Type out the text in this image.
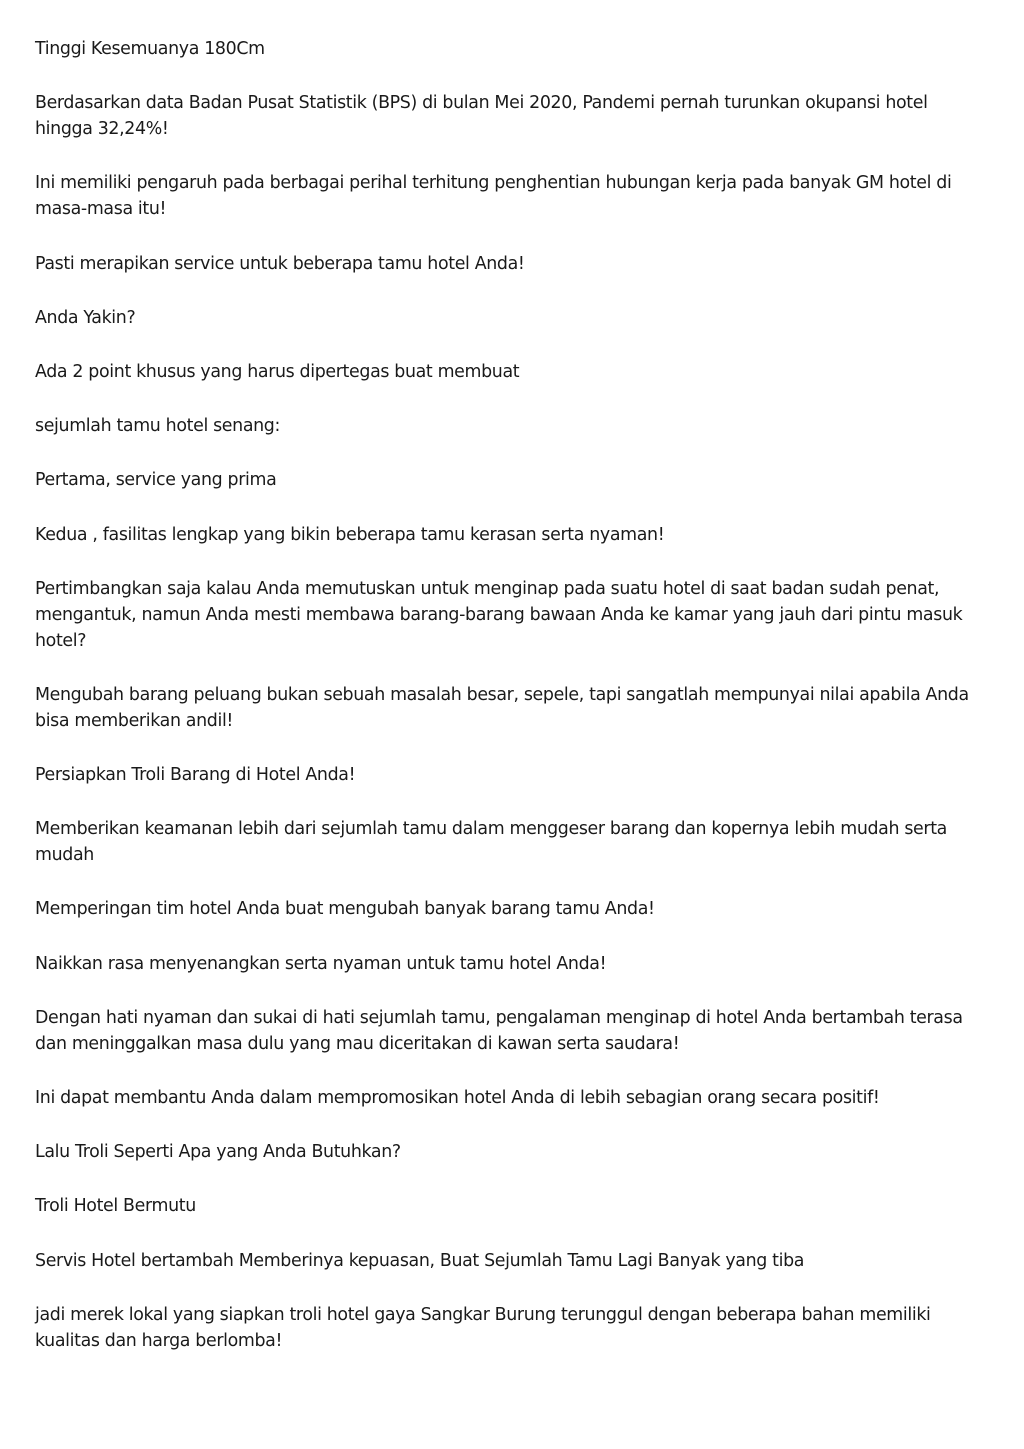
Tinggi Kesemuanya 180Cm

Berdasarkan data Badan Pusat Statistik (BPS) di bulan Mei 2020, Pandemi pernah turunkan okupansi hotel hingga 32,24%!

Ini memiliki pengaruh pada berbagai perihal terhitung penghentian hubungan kerja pada banyak GM hotel di masa-masa itu!

Pasti merapikan service untuk beberapa tamu hotel Anda!

Anda Yakin?

Ada 2 point khusus yang harus dipertegas buat membuat

sejumlah tamu hotel senang:

Pertama, service yang prima

Kedua , fasilitas lengkap yang bikin beberapa tamu kerasan serta nyaman!

Pertimbangkan saja kalau Anda memutuskan untuk menginap pada suatu hotel di saat badan sudah penat, mengantuk, namun Anda mesti membawa barang-barang bawaan Anda ke kamar yang jauh dari pintu masuk hotel?

Mengubah barang peluang bukan sebuah masalah besar, sepele, tapi sangatlah mempunyai nilai apabila Anda bisa memberikan andil!

Persiapkan Troli Barang di Hotel Anda!

Memberikan keamanan lebih dari sejumlah tamu dalam menggeser barang dan kopernya lebih mudah serta mudah

Memperingan tim hotel Anda buat mengubah banyak barang tamu Anda!

Naikkan rasa menyenangkan serta nyaman untuk tamu hotel Anda!

Dengan hati nyaman dan sukai di hati sejumlah tamu, pengalaman menginap di hotel Anda bertambah terasa dan meninggalkan masa dulu yang mau diceritakan di kawan serta saudara!

Ini dapat membantu Anda dalam mempromosikan hotel Anda di lebih sebagian orang secara positif!

Lalu Troli Seperti Apa yang Anda Butuhkan?

Troli Hotel Bermutu

Servis Hotel bertambah Memberinya kepuasan, Buat Sejumlah Tamu Lagi Banyak yang tiba

jadi merek lokal yang siapkan troli hotel gaya Sangkar Burung terunggul dengan beberapa bahan memiliki kualitas dan harga berlomba!
